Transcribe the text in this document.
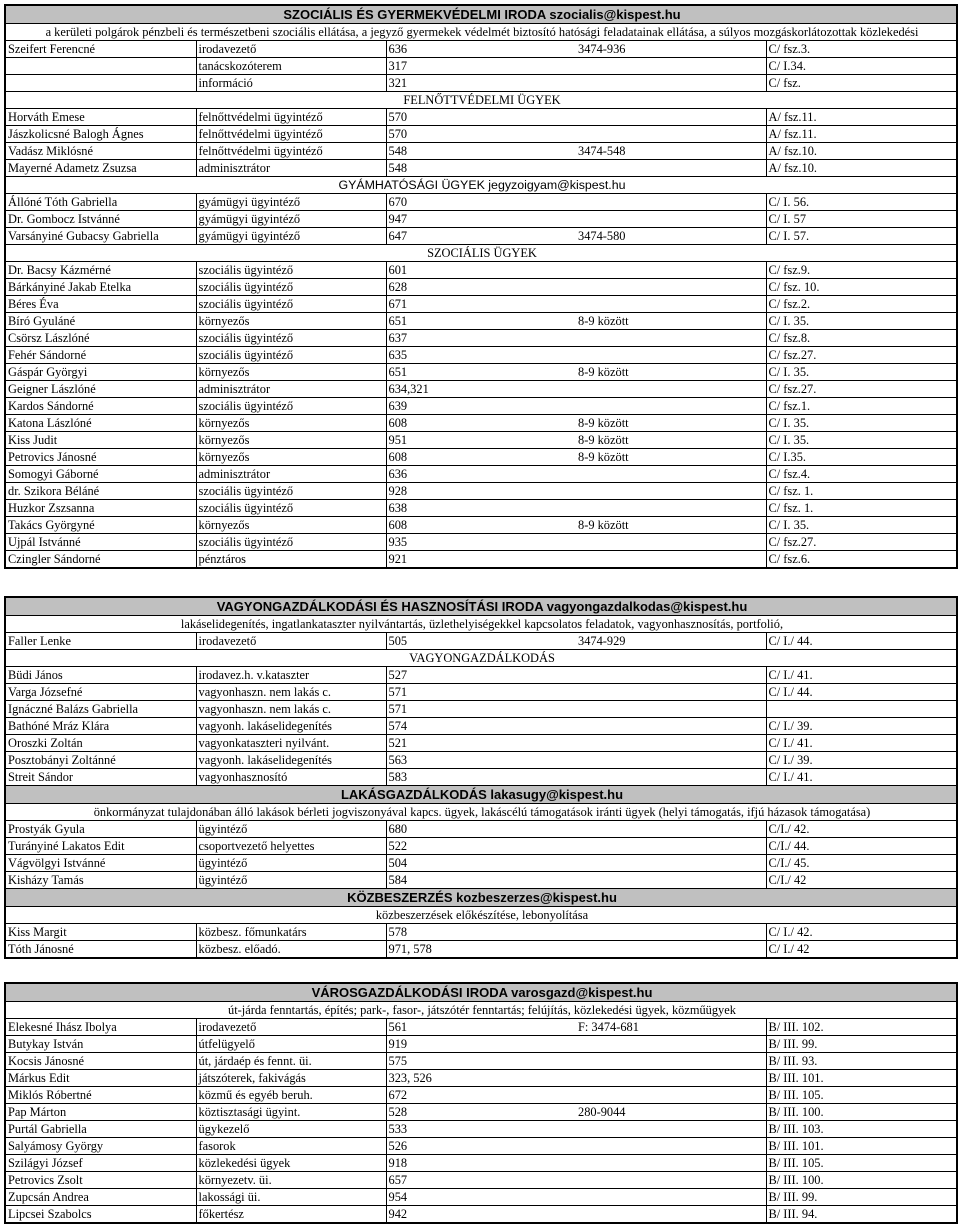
SZOCIÁLIS ÉS GYERMEKVÉDELMI IRODA szocialis@kispest.hu				
a kerületi polgárok pénzbeli és természetbeni szociális ellátása, a jegyző gyermekek védelmét biztosító hatósági feladatainak ellátása, a súlyos mozgáskorlátozottak közlekedési				
Szeifert Ferencné	irodavezető	636	3474-936	C/ fsz.3.
	tanácskozóterem	317		C/ I.34.
	információ	321		C/ fsz.
FELNŐTTVÉDELMI ÜGYEK				
Horváth Emese	felnőttvédelmi ügyintéző	570		A/ fsz.11.
Jászkolicsné Balogh Ágnes	felnőttvédelmi ügyintéző	570		A/ fsz.11.
Vadász Miklósné	felnőttvédelmi ügyintéző	548	3474-548	A/ fsz.10.
Mayerné Adametz Zsuzsa	adminisztrátor	548		A/ fsz.10.
GYÁMHATÓSÁGI ÜGYEK jegyzoigyam@kispest.hu				
Állóné Tóth Gabriella	gyámügyi ügyintéző	670		C/ I. 56.
Dr. Gombocz Istvánné	gyámügyi ügyintéző	947		C/ I. 57
Varsányiné Gubacsy Gabriella	gyámügyi ügyintéző	647	3474-580	C/ I. 57.
SZOCIÁLIS ÜGYEK				
Dr. Bacsy Kázmérné	szociális ügyintéző	601		C/ fsz.9.
Bárkányiné Jakab Etelka	szociális ügyintéző	628		C/ fsz. 10.
Béres Éva	szociális ügyintéző	671		C/ fsz.2.
Bíró Gyuláné	környezős	651	8-9 között	C/ I. 35.
Csörsz Lászlóné	szociális ügyintéző	637		C/ fsz.8.
Fehér Sándorné	szociális ügyintéző	635		C/ fsz.27.
Gáspár Györgyi	környezős	651	8-9 között	C/ I. 35.
Geigner Lászlóné	adminisztrátor	634,321		C/ fsz.27.
Kardos Sándorné	szociális ügyintéző	639		C/ fsz.1.
Katona Lászlóné	környezős	608	8-9 között	C/ I. 35.
Kiss Judit	környezős	951	8-9 között	C/ I. 35.
Petrovics Jánosné	környezős	608	8-9 között	C/ I.35.
Somogyi Gáborné	adminisztrátor	636		C/ fsz.4.
dr. Szikora Béláné	szociális ügyintéző	928		C/ fsz. 1.
Huzkor Zszsanna	szociális ügyintéző	638		C/ fsz. 1.
Takács Györgyné	környezős	608	8-9 között	C/ I. 35.
Ujpál Istvánné	szociális ügyintéző	935		C/ fsz.27.
Czingler Sándorné	pénztáros	921		C/ fsz.6.
VAGYONGAZDÁLKODÁSI ÉS HASZNOSÍTÁSI IRODA vagyongazdalkodas@kispest.hu				
lakáselidegenítés, ingatlankataszter nyilvántartás, üzlethelyiségekkel kapcsolatos feladatok, vagyonhasznosítás, portfolió,				
Faller Lenke	irodavezető	505	3474-929	C/ I./ 44.
VAGYONGAZDÁLKODÁS				
Büdi János	irodavez.h. v.kataszter	527		C/ I./ 41.
Varga Józsefné	vagyonhaszn. nem lakás c.	571		C/ I./ 44.
Ignáczné Balázs Gabriella	vagyonhaszn. nem lakás c.	571		
Bathóné Mráz Klára	vagyonh. lakáselidegenítés	574		C/ I./ 39.
Oroszki Zoltán	vagyonkataszteri nyilvánt.	521		C/ I./ 41.
Posztobányi Zoltánné	vagyonh. lakáselidegenítés	563		C/ I./ 39.
Streit Sándor	vagyonhasznosító	583		C/ I./ 41.
LAKÁSGAZDÁLKODÁS lakasugy@kispest.hu				
önkormányzat tulajdonában álló lakások bérleti jogviszonyával kapcs. ügyek, lakáscélú támogatások iránti ügyek (helyi támogatás, ifjú házasok támogatása)				
Prostyák Gyula	ügyintéző	680		C/I./ 42.
Turányiné Lakatos Edit	csoportvezető helyettes	522		C/I./ 44.
Vágvölgyi Istvánné	ügyintéző	504		C/I./ 45.
Kisházy Tamás	ügyintéző	584		C/I./ 42
KÖZBESZERZÉS kozbeszerzes@kispest.hu				
közbeszerzések előkészítése, lebonyolítása				
Kiss Margit	közbesz. főmunkatárs	578		C/ I./ 42.
Tóth Jánosné	közbesz. előadó.	971, 578		C/ I./ 42
VÁROSGAZDÁLKODÁSI IRODA varosgazd@kispest.hu				
út-járda fenntartás, építés; park-, fasor-, játszótér fenntartás; felújítás, közlekedési ügyek, közműügyek				
Elekesné Ihász Ibolya	irodavezető	561	F: 3474-681	B/ III. 102.
Butykay István	útfelügyelő	919		B/ III. 99.
Kocsis Jánosné	út, járdaép és fennt. üi.	575		B/ III. 93.
Márkus Edit	játszóterek, fakivágás	323, 526		B/ III. 101.
Miklós Róbertné	közmű és egyéb beruh.	672		B/ III. 105.
Pap Márton	köztisztasági ügyint.	528	280-9044	B/ III. 100.
Purtál Gabriella	ügykezelő	533		B/ III. 103.
Salyámosy György	fasorok	526		B/ III. 101.
Szilágyi József	közlekedési ügyek	918		B/ III. 105.
Petrovics Zsolt	környezetv. üi.	657		B/ III. 100.
Zupcsán Andrea	lakossági üi.	954		B/ III. 99.
Lipcsei Szabolcs	főkertész	942		B/ III. 94.
